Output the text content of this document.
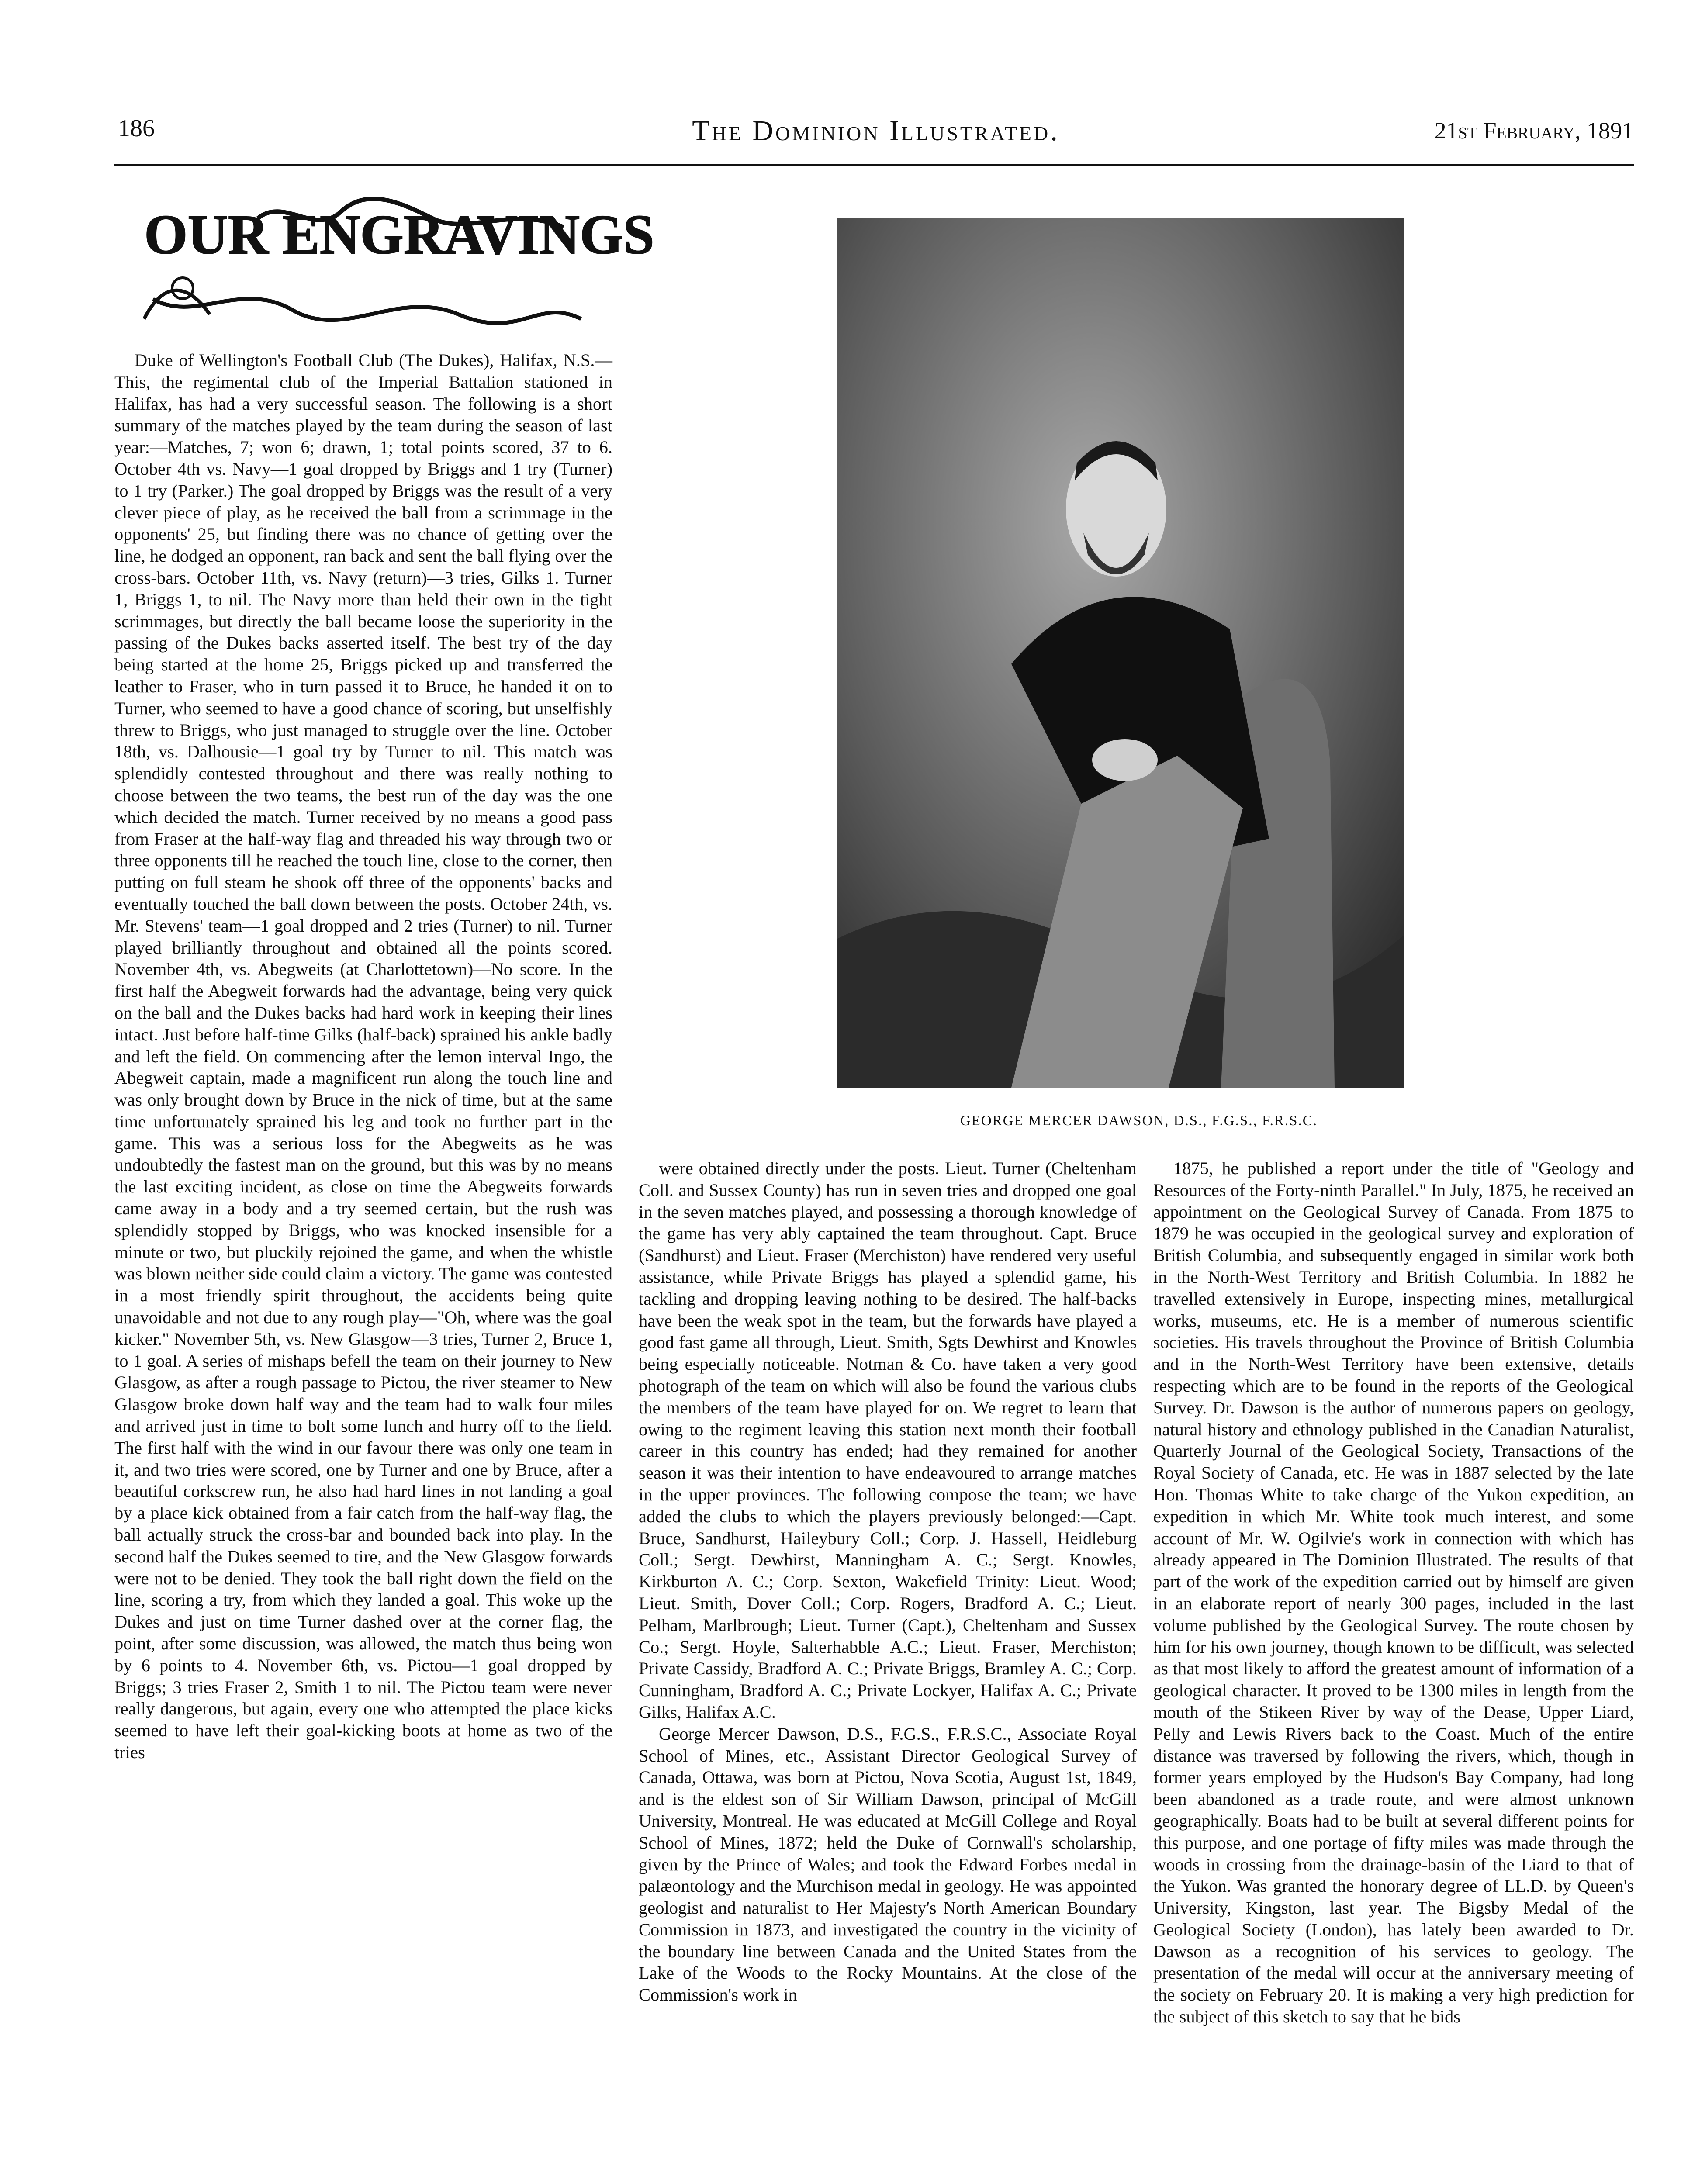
186	The Dominion Illustrated.	21st February, 1891
OUR ENGRAVINGS

Duke of Wellington's Football Club (The Dukes), Halifax, N.S.—This, the regimental club of the Imperial Battalion stationed in Halifax, has had a very successful season. The following is a short summary of the matches played by the team during the season of last year:—Matches, 7; won 6; drawn, 1; total points scored, 37 to 6. October 4th vs. Navy—1 goal dropped by Briggs and 1 try (Turner) to 1 try (Parker.) The goal dropped by Briggs was the result of a very clever piece of play, as he received the ball from a scrimmage in the opponents' 25, but finding there was no chance of getting over the line, he dodged an opponent, ran back and sent the ball flying over the cross-bars. October 11th, vs. Navy (return)—3 tries, Gilks 1. Turner 1, Briggs 1, to nil. The Navy more than held their own in the tight scrimmages, but directly the ball became loose the superiority in the passing of the Dukes backs asserted itself. The best try of the day being started at the home 25, Briggs picked up and transferred the leather to Fraser, who in turn passed it to Bruce, he handed it on to Turner, who seemed to have a good chance of scoring, but unselfishly threw to Briggs, who just managed to struggle over the line. October 18th, vs. Dalhousie—1 goal try by Turner to nil. This match was splendidly contested throughout and there was really nothing to choose between the two teams, the best run of the day was the one which decided the match. Turner received by no means a good pass from Fraser at the half-way flag and threaded his way through two or three opponents till he reached the touch line, close to the corner, then putting on full steam he shook off three of the opponents' backs and eventually touched the ball down between the posts. October 24th, vs. Mr. Stevens' team—1 goal dropped and 2 tries (Turner) to nil. Turner played brilliantly throughout and obtained all the points scored. November 4th, vs. Abegweits (at Charlottetown)—No score. In the first half the Abegweit forwards had the advantage, being very quick on the ball and the Dukes backs had hard work in keeping their lines intact. Just before half-time Gilks (half-back) sprained his ankle badly and left the field. On commencing after the lemon interval Ingo, the Abegweit captain, made a magnificent run along the touch line and was only brought down by Bruce in the nick of time, but at the same time unfortunately sprained his leg and took no further part in the game. This was a serious loss for the Abegweits as he was undoubtedly the fastest man on the ground, but this was by no means the last exciting incident, as close on time the Abegweits forwards came away in a body and a try seemed certain, but the rush was splendidly stopped by Briggs, who was knocked insensible for a minute or two, but pluckily rejoined the game, and when the whistle was blown neither side could claim a victory. The game was contested in a most friendly spirit throughout, the accidents being quite unavoidable and not due to any rough play—"Oh, where was the goal kicker." November 5th, vs. New Glasgow—3 tries, Turner 2, Bruce 1, to 1 goal. A series of mishaps befell the team on their journey to New Glasgow, as after a rough passage to Pictou, the river steamer to New Glasgow broke down half way and the team had to walk four miles and arrived just in time to bolt some lunch and hurry off to the field. The first half with the wind in our favour there was only one team in it, and two tries were scored, one by Turner and one by Bruce, after a beautiful corkscrew run, he also had hard lines in not landing a goal by a place kick obtained from a fair catch from the half-way flag, the ball actually struck the cross-bar and bounded back into play. In the second half the Dukes seemed to tire, and the New Glasgow forwards were not to be denied. They took the ball right down the field on the line, scoring a try, from which they landed a goal. This woke up the Dukes and just on time Turner dashed over at the corner flag, the point, after some discussion, was allowed, the match thus being won by 6 points to 4. November 6th, vs. Pictou—1 goal dropped by Briggs; 3 tries Fraser 2, Smith 1 to nil. The Pictou team were never really dangerous, but again, every one who attempted the place kicks seemed to have left their goal-kicking boots at home as two of the tries

GEORGE MERCER DAWSON, D.S., F.G.S., F.R.S.C.

were obtained directly under the posts. Lieut. Turner (Cheltenham Coll. and Sussex County) has run in seven tries and dropped one goal in the seven matches played, and possessing a thorough knowledge of the game has very ably captained the team throughout. Capt. Bruce (Sandhurst) and Lieut. Fraser (Merchiston) have rendered very useful assistance, while Private Briggs has played a splendid game, his tackling and dropping leaving nothing to be desired. The half-backs have been the weak spot in the team, but the forwards have played a good fast game all through, Lieut. Smith, Sgts Dewhirst and Knowles being especially noticeable. Notman & Co. have taken a very good photograph of the team on which will also be found the various clubs the members of the team have played for on. We regret to learn that owing to the regiment leaving this station next month their football career in this country has ended; had they remained for another season it was their intention to have endeavoured to arrange matches in the upper provinces. The following compose the team; we have added the clubs to which the players previously belonged:—Capt. Bruce, Sandhurst, Haileybury Coll.; Corp. J. Hassell, Heidleburg Coll.; Sergt. Dewhirst, Manningham A. C.; Sergt. Knowles, Kirkburton A. C.; Corp. Sexton, Wakefield Trinity: Lieut. Wood; Lieut. Smith, Dover Coll.; Corp. Rogers, Bradford A. C.; Lieut. Pelham, Marlbrough; Lieut. Turner (Capt.), Cheltenham and Sussex Co.; Sergt. Hoyle, Salterhabble A.C.; Lieut. Fraser, Merchiston; Private Cassidy, Bradford A. C.; Private Briggs, Bramley A. C.; Corp. Cunningham, Bradford A. C.; Private Lockyer, Halifax A. C.; Private Gilks, Halifax A.C.

George Mercer Dawson, D.S., F.G.S., F.R.S.C., Associate Royal School of Mines, etc., Assistant Director Geological Survey of Canada, Ottawa, was born at Pictou, Nova Scotia, August 1st, 1849, and is the eldest son of Sir William Dawson, principal of McGill University, Montreal. He was educated at McGill College and Royal School of Mines, 1872; held the Duke of Cornwall's scholarship, given by the Prince of Wales; and took the Edward Forbes medal in palæontology and the Murchison medal in geology. He was appointed geologist and naturalist to Her Majesty's North American Boundary Commission in 1873, and investigated the country in the vicinity of the boundary line between Canada and the United States from the Lake of the Woods to the Rocky Mountains. At the close of the Commission's work in

1875, he published a report under the title of "Geology and Resources of the Forty-ninth Parallel." In July, 1875, he received an appointment on the Geological Survey of Canada. From 1875 to 1879 he was occupied in the geological survey and exploration of British Columbia, and subsequently engaged in similar work both in the North-West Territory and British Columbia. In 1882 he travelled extensively in Europe, inspecting mines, metallurgical works, museums, etc. He is a member of numerous scientific societies. His travels throughout the Province of British Columbia and in the North-West Territory have been extensive, details respecting which are to be found in the reports of the Geological Survey. Dr. Dawson is the author of numerous papers on geology, natural history and ethnology published in the Canadian Naturalist, Quarterly Journal of the Geological Society, Transactions of the Royal Society of Canada, etc. He was in 1887 selected by the late Hon. Thomas White to take charge of the Yukon expedition, an expedition in which Mr. White took much interest, and some account of Mr. W. Ogilvie's work in connection with which has already appeared in The Dominion Illustrated. The results of that part of the work of the expedition carried out by himself are given in an elaborate report of nearly 300 pages, included in the last volume published by the Geological Survey. The route chosen by him for his own journey, though known to be difficult, was selected as that most likely to afford the greatest amount of information of a geological character. It proved to be 1300 miles in length from the mouth of the Stikeen River by way of the Dease, Upper Liard, Pelly and Lewis Rivers back to the Coast. Much of the entire distance was traversed by following the rivers, which, though in former years employed by the Hudson's Bay Company, had long been abandoned as a trade route, and were almost unknown geographically. Boats had to be built at several different points for this purpose, and one portage of fifty miles was made through the woods in crossing from the drainage-basin of the Liard to that of the Yukon. Was granted the honorary degree of LL.D. by Queen's University, Kingston, last year. The Bigsby Medal of the Geological Society (London), has lately been awarded to Dr. Dawson as a recognition of his services to geology. The presentation of the medal will occur at the anniversary meeting of the society on February 20. It is making a very high prediction for the subject of this sketch to say that he bids
